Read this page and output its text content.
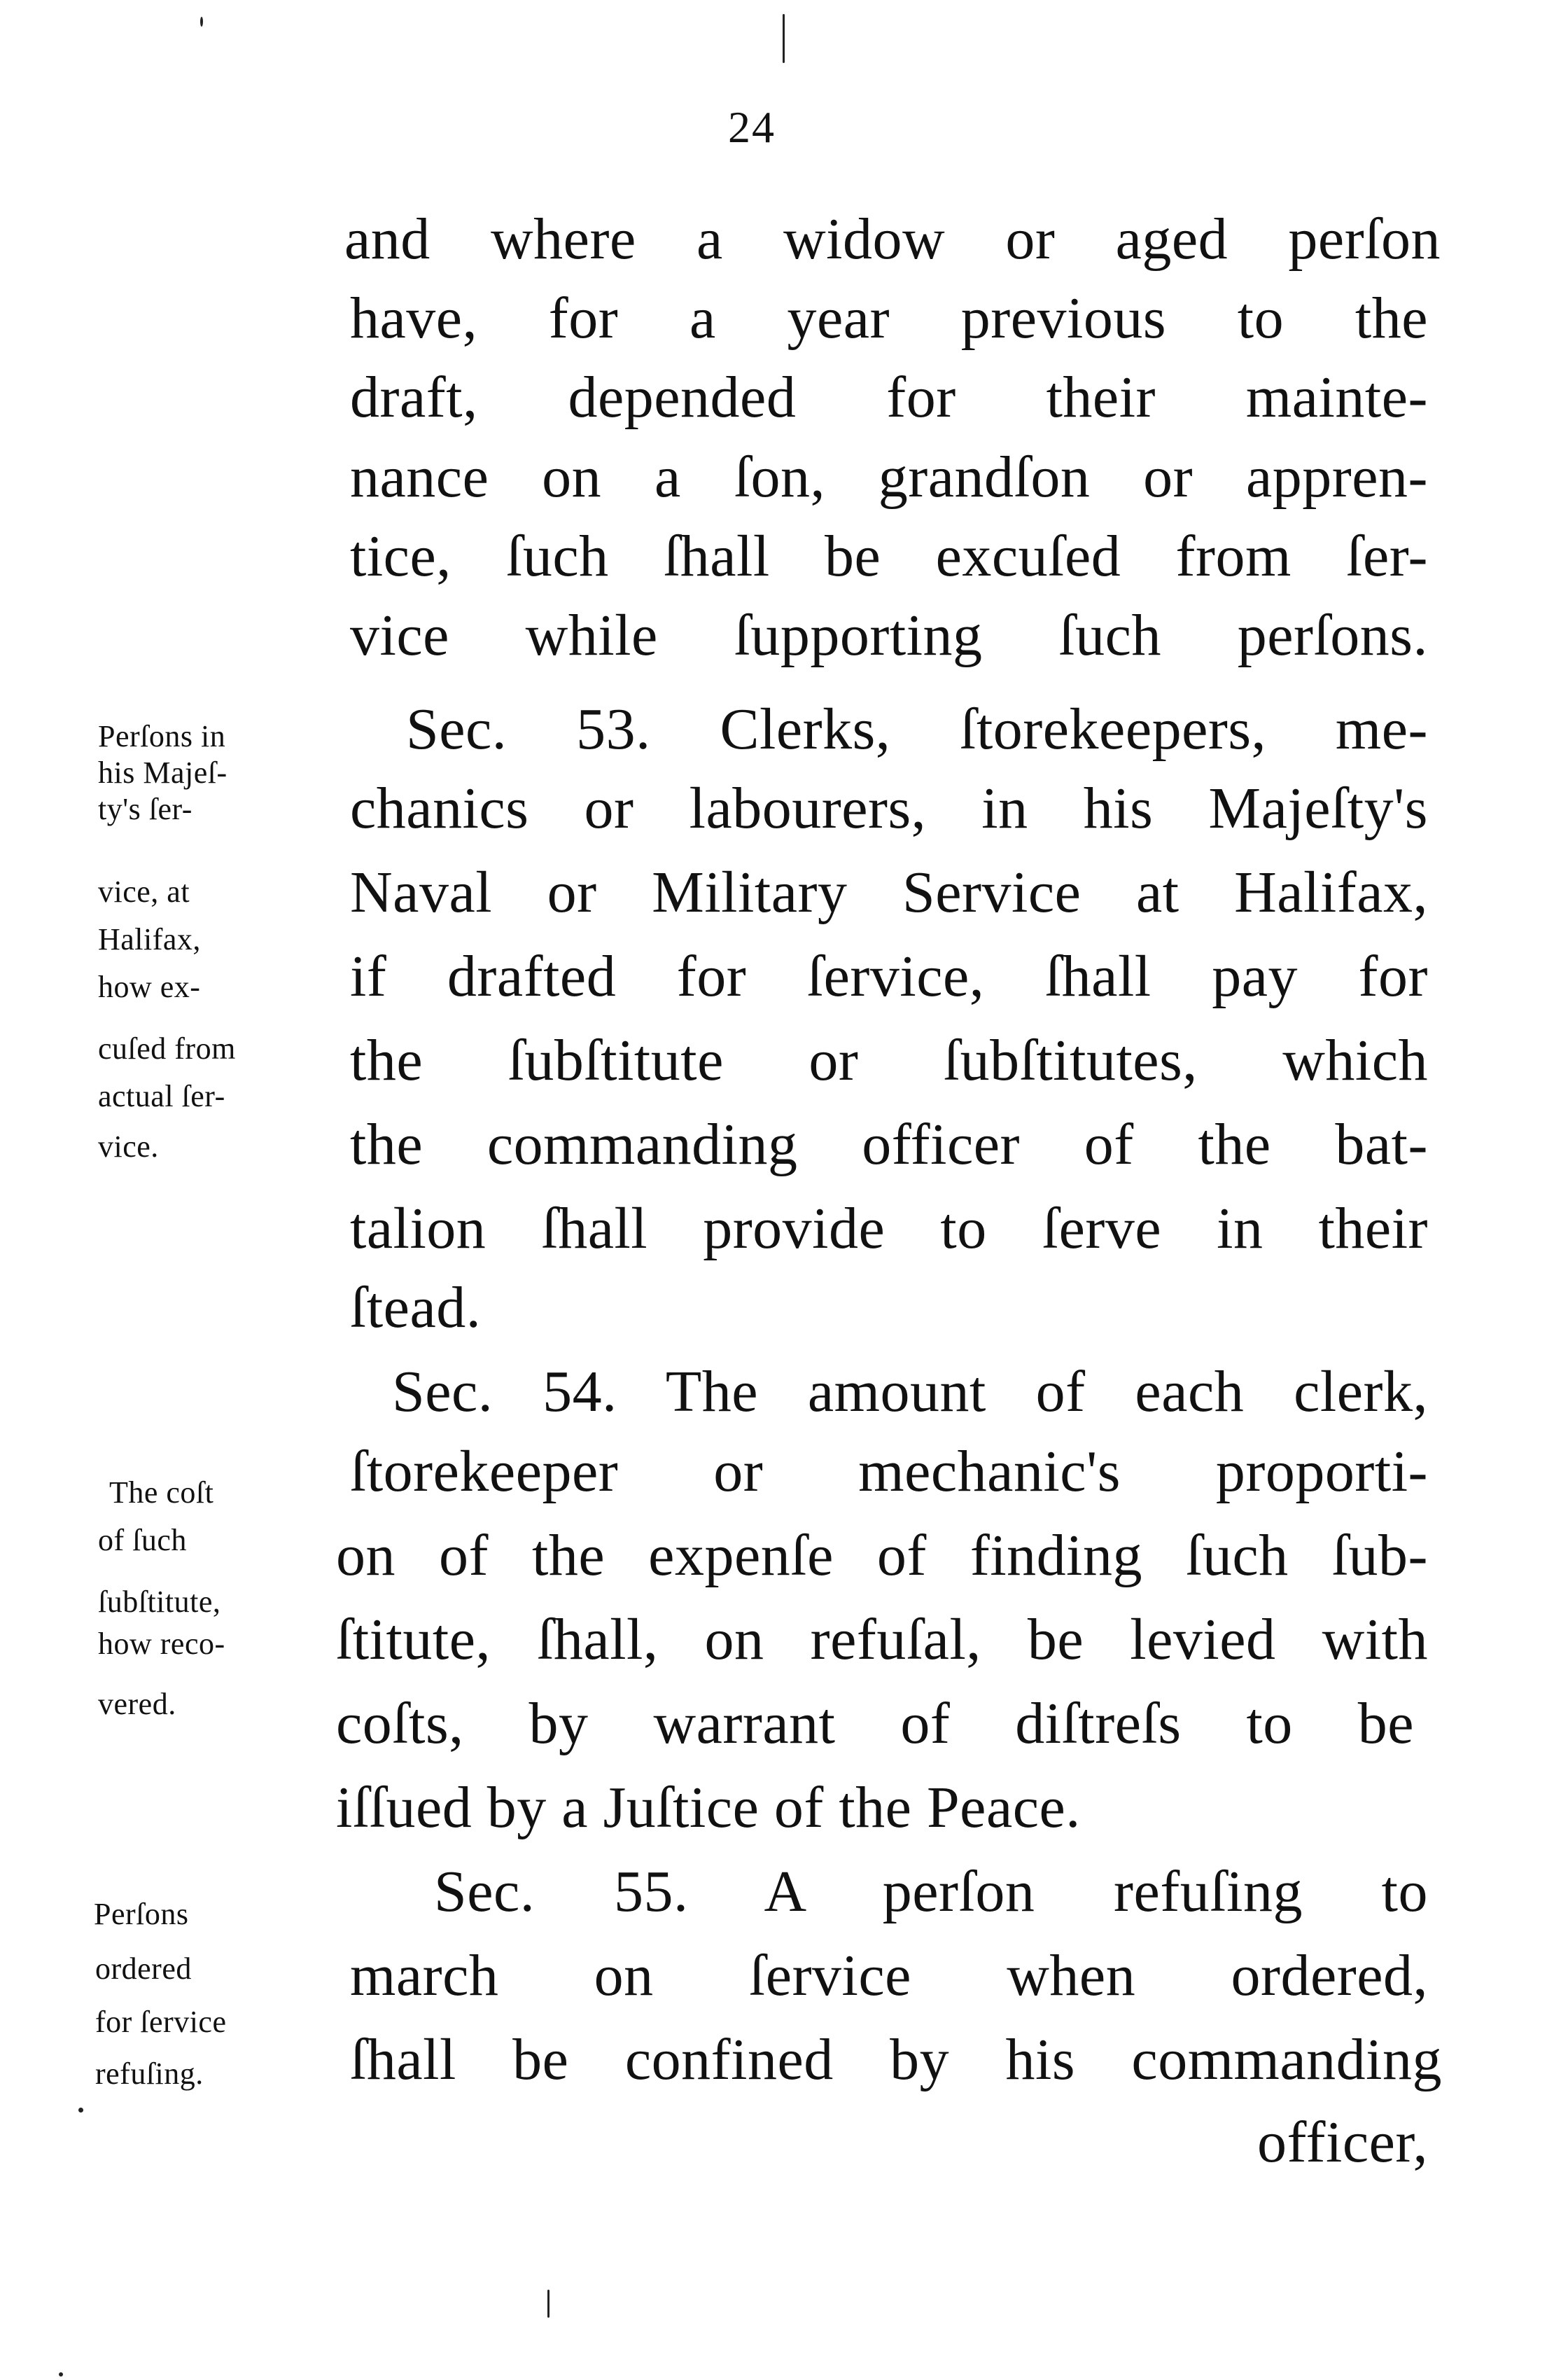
24
and where a widow or aged perſon
have, for a year previous to the
draft, depended for their mainte-
nance on a ſon, grandſon or appren-
tice, ſuch ſhall be excuſed from ſer-
vice while ſupporting ſuch perſons.
Sec. 53. Clerks, ſtorekeepers, me-
chanics or labourers, in his Majeſty's
Naval or Military Service at Halifax,
if drafted for ſervice, ſhall pay for
the ſubſtitute or ſubſtitutes, which
the commanding officer of the bat-
talion ſhall provide to ſerve in their
ſtead.
Sec. 54. The amount of each clerk,
ſtorekeeper or mechanic's proporti-
on of the expenſe of finding ſuch ſub-
ſtitute, ſhall, on refuſal, be levied with
coſts, by warrant of diſtreſs to be
iſſued by a Juſtice of the Peace.
Sec. 55. A perſon refuſing to
march on ſervice when ordered,
ſhall be confined by his commanding
officer,
Perſons in
his Majeſ-
ty's ſer-
vice, at
Halifax,
how ex-
cuſed from
actual ſer-
vice.
The coſt
of ſuch
ſubſtitute,
how reco-
vered.
Perſons
ordered
for ſervice
refuſing.
